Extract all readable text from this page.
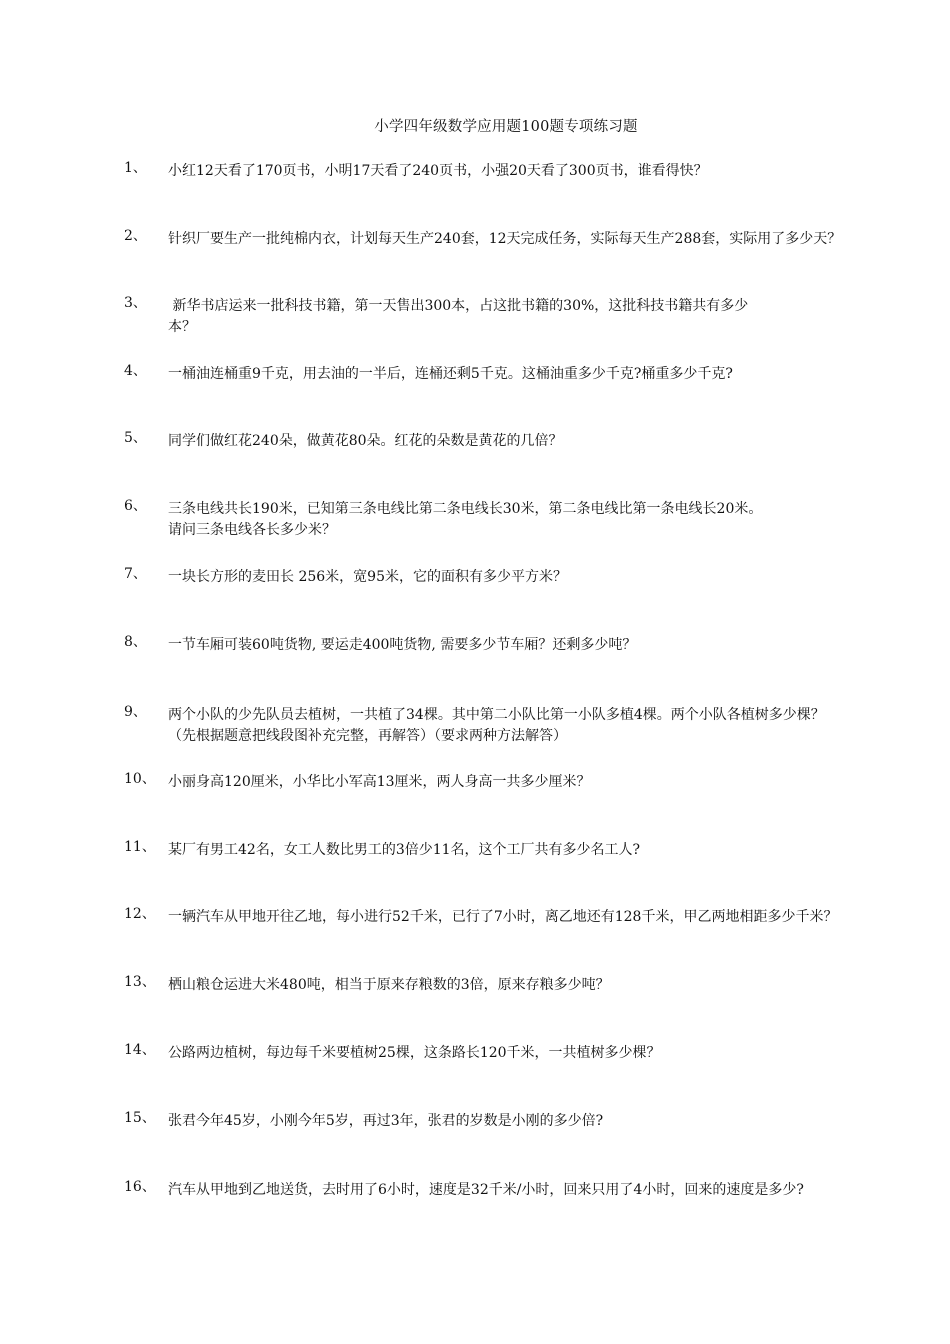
小学四年级数学应用题100题专项练习题
1、	小红12天看了170页书，小明17天看了240页书，小强20天看了300页书，谁看得快？
2、	针织厂要生产一批纯棉内衣，计划每天生产240套，12天完成任务，实际每天生产288套，实际用了多少天？
3、	新华书店运来一批科技书籍，第一天售出300本，占这批书籍的30%，这批科技书籍共有多少
本？
4、	一桶油连桶重9千克，用去油的一半后，连桶还剩5千克。这桶油重多少千克?桶重多少千克?
5、	同学们做红花240朵，做黄花80朵。红花的朵数是黄花的几倍？
6、	三条电线共长190米，已知第三条电线比第二条电线长30米，第二条电线比第一条电线长20米。
请问三条电线各长多少米？
7、	一块长方形的麦田长 256米，宽95米，它的面积有多少平方米？
8、	一节车厢可装60吨货物, 要运走400吨货物, 需要多少节车厢？还剩多少吨？
9、	两个小队的少先队员去植树，一共植了34棵。其中第二小队比第一小队多植4棵。两个小队各植树多少棵？（先根据题意把线段图补充完整，再解答）（要求两种方法解答）
10、 小丽身高120厘米，小华比小军高13厘米，两人身高一共多少厘米？
11、 某厂有男工42名，女工人数比男工的3倍少11名，这个工厂共有多少名工人?
12、 一辆汽车从甲地开往乙地，每小进行52千米，已行了7小时，离乙地还有128千米，甲乙两地相距多少千米？
13、 栖山粮仓运进大米480吨，相当于原来存粮数的3倍，原来存粮多少吨？
14、 公路两边植树，每边每千米要植树25棵，这条路长120千米，一共植树多少棵？
15、 张君今年45岁，小刚今年5岁，再过3年，张君的岁数是小刚的多少倍?
16、 汽车从甲地到乙地送货，去时用了6小时，速度是32千米/小时，回来只用了4小时，回来的速度是多少?
